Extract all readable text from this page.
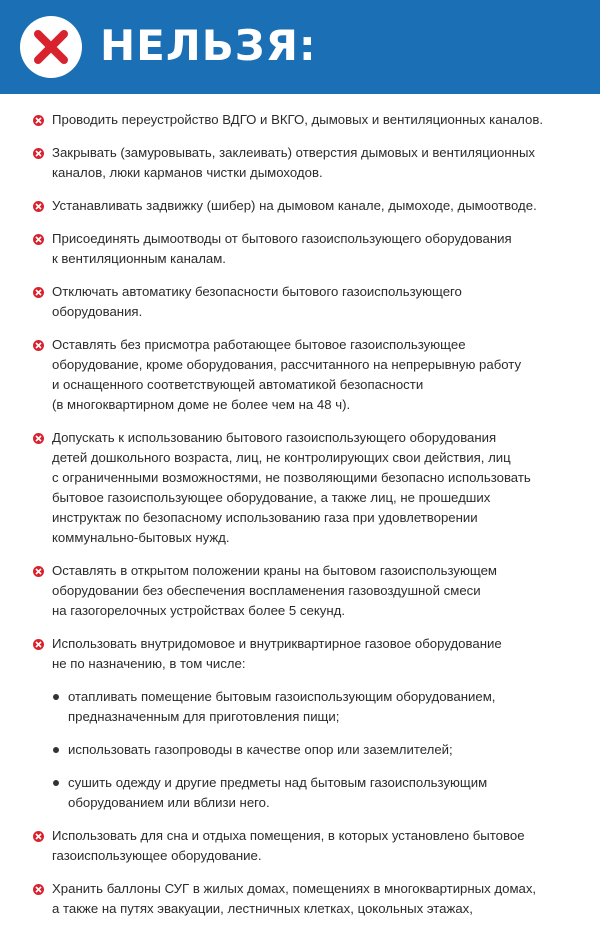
НЕЛЬЗЯ:
Проводить переустройство ВДГО и ВКГО, дымовых и вентиляционных каналов.
Закрывать (замуровывать, заклеивать) отверстия дымовых и вентиляционных
каналов, люки карманов чистки дымоходов.
Устанавливать задвижку (шибер) на дымовом канале, дымоходе, дымоотводе.
Присоединять дымоотводы от бытового газоиспользующего оборудования
к вентиляционным каналам.
Отключать автоматику безопасности бытового газоиспользующего
оборудования.
Оставлять без присмотра работающее бытовое газоиспользующее
оборудование, кроме оборудования, рассчитанного на непрерывную работу
и оснащенного соответствующей автоматикой безопасности
(в многоквартирном доме не более чем на 48 ч).
Допускать к использованию бытового газоиспользующего оборудования
детей дошкольного возраста, лиц, не контролирующих свои действия, лиц
с ограниченными возможностями, не позволяющими безопасно использовать
бытовое газоиспользующее оборудование, а также лиц, не прошедших
инструктаж по безопасному использованию газа при удовлетворении
коммунально-бытовых нужд.
Оставлять в открытом положении краны на бытовом газоиспользующем
оборудовании без обеспечения воспламенения газовоздушной смеси
на газогорелочных устройствах более 5 секунд.
Использовать внутридомовое и внутриквартирное газовое оборудование
не по назначению, в том числе:
отапливать помещение бытовым газоиспользующим оборудованием,
предназначенным для приготовления пищи;
использовать газопроводы в качестве опор или заземлителей;
сушить одежду и другие предметы над бытовым газоиспользующим
оборудованием или вблизи него.
Использовать для сна и отдыха помещения, в которых установлено бытовое
газоиспользующее оборудование.
Хранить баллоны СУГ в жилых домах, помещениях в многоквартирных домах,
а также на путях эвакуации, лестничных клетках, цокольных этажах,
